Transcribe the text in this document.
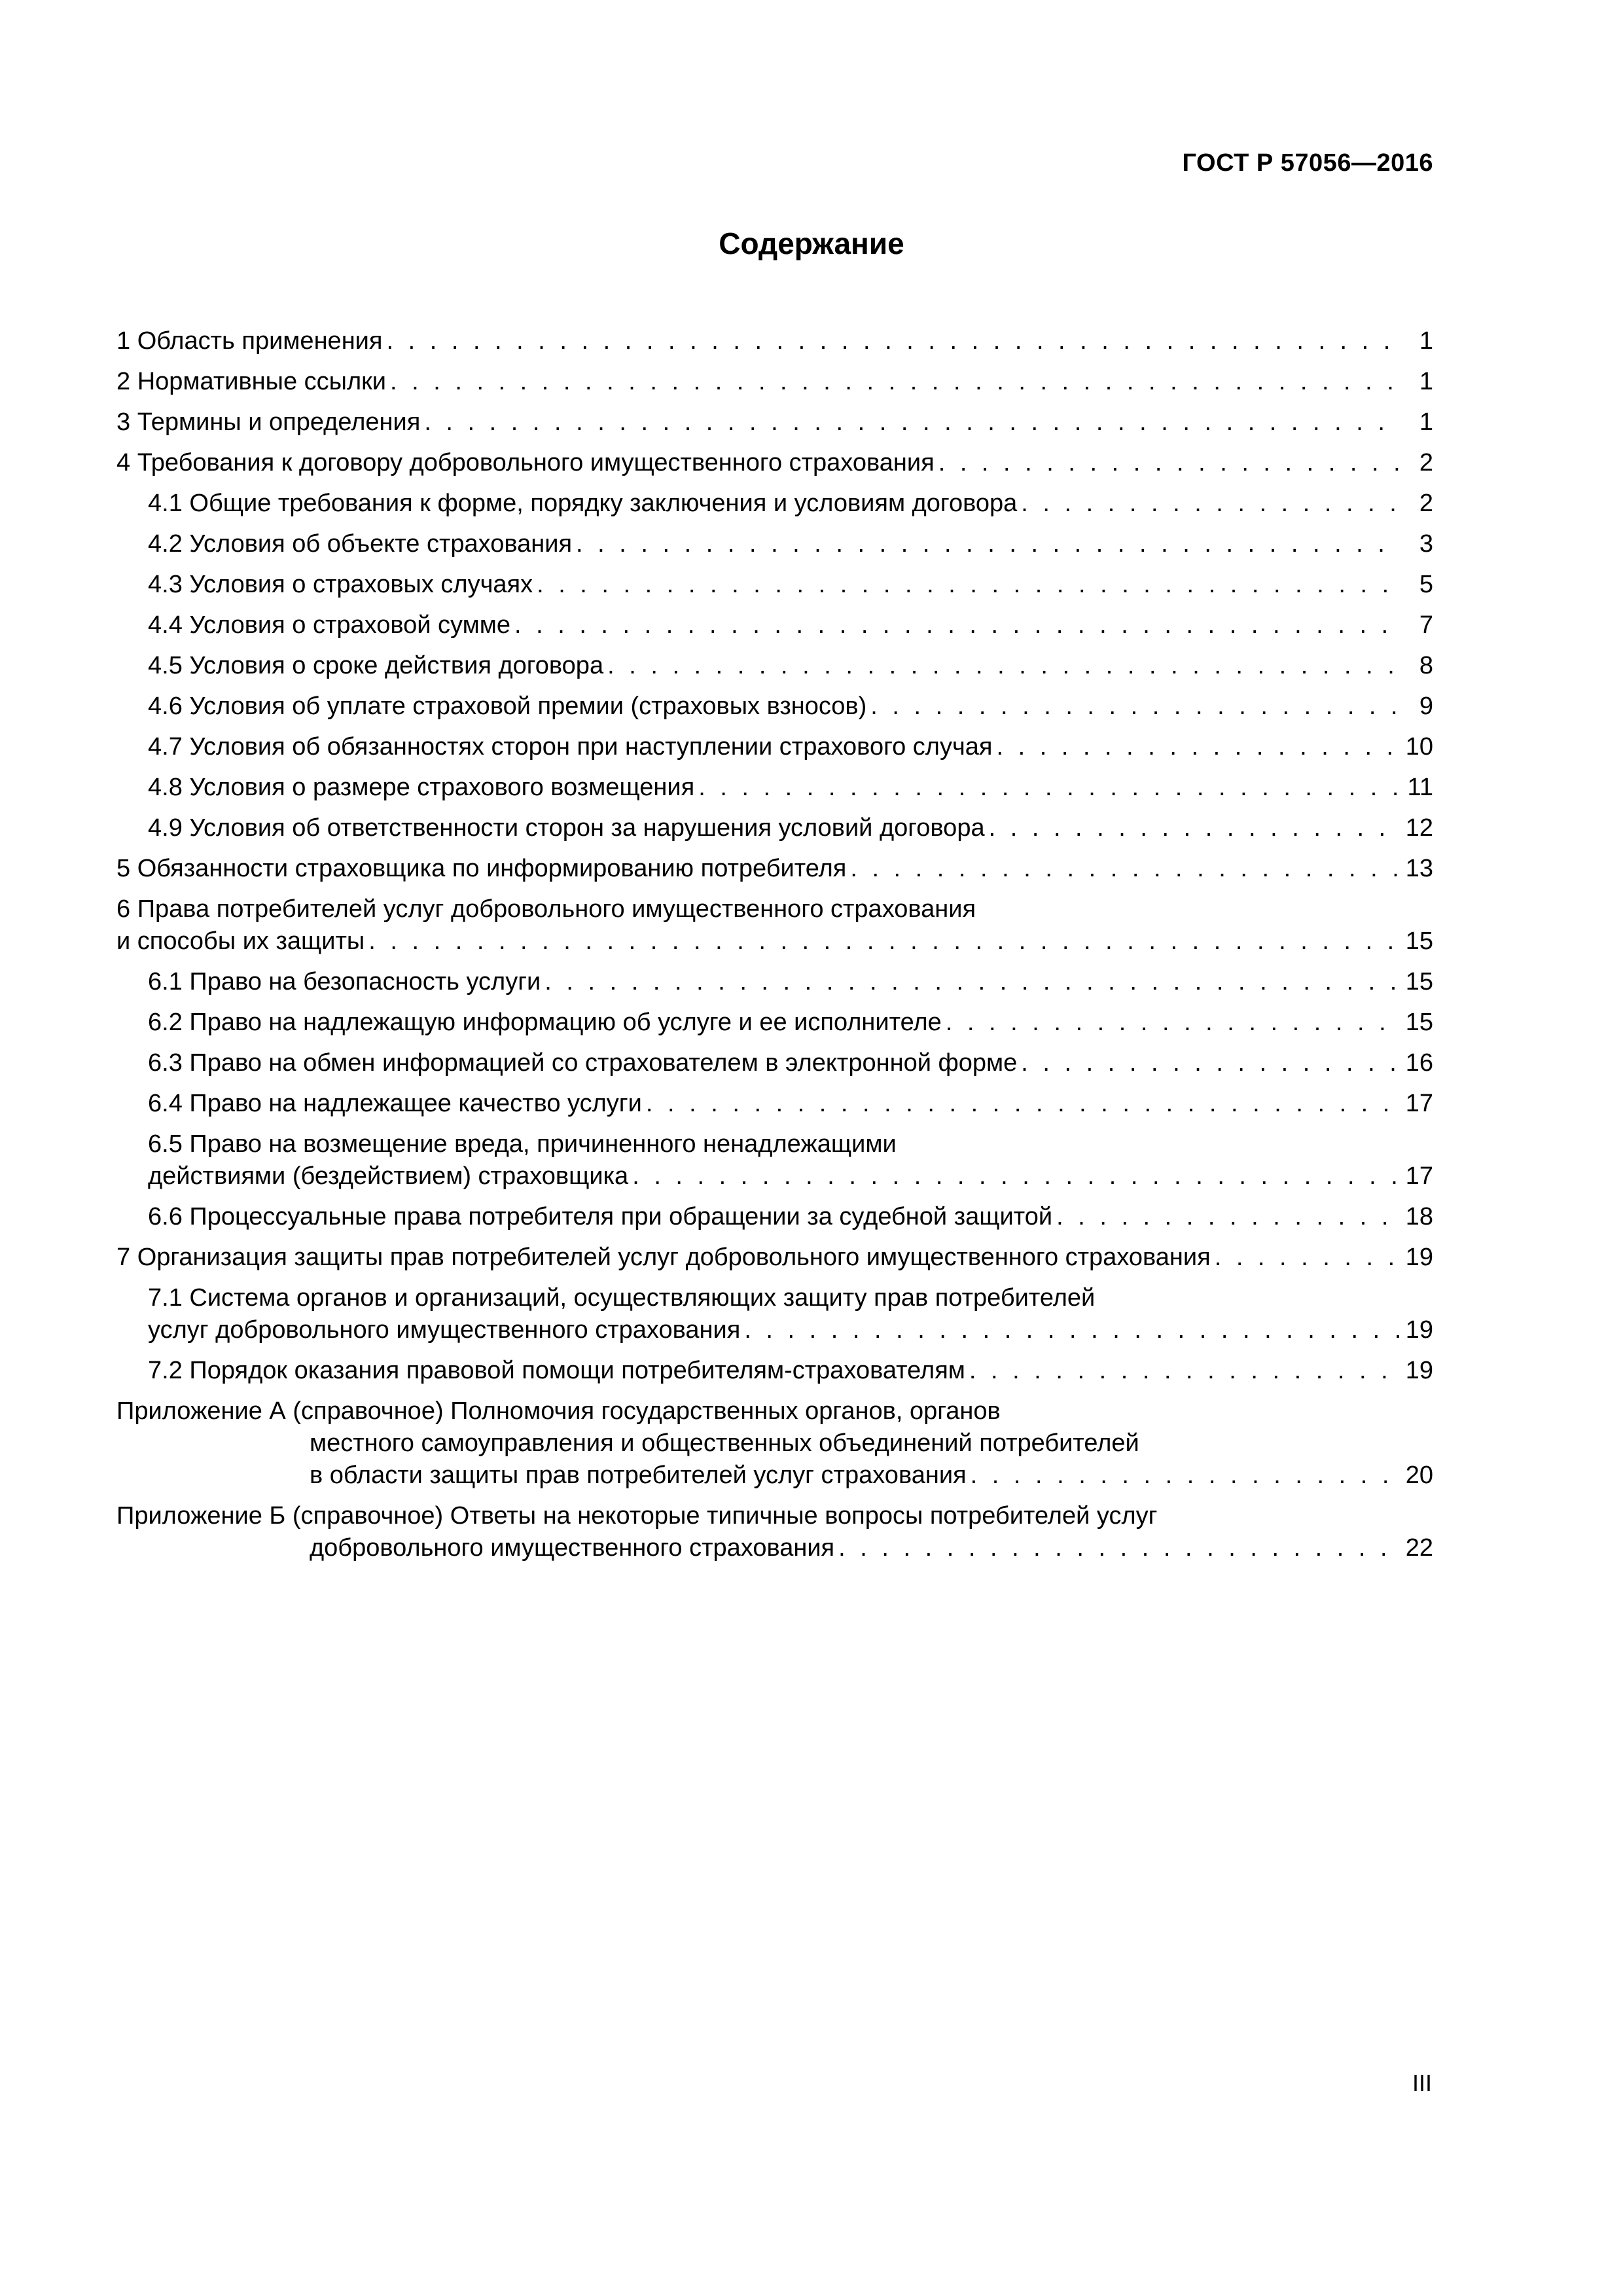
ГОСТ Р 57056—2016
Содержание
1 Область применения . . .	1
2 Нормативные ссылки . . .	1
3 Термины и определения . . .	1
4 Требования к договору добровольного имущественного страхования . . .	2
4.1 Общие требования к форме, порядку заключения и условиям договора . . .	2
4.2 Условия об объекте страхования . . .	3
4.3 Условия о страховых случаях . . .	5
4.4 Условия о страховой сумме . . .	7
4.5 Условия о сроке действия договора . . .	8
4.6 Условия об уплате страховой премии (страховых взносов) . . .	9
4.7 Условия об обязанностях сторон при наступлении страхового случая . . .	10
4.8 Условия о размере страхового возмещения . . .	11
4.9 Условия об ответственности сторон за нарушения условий договора . . .	12
5 Обязанности страховщика по информированию потребителя . . .	13
6 Права потребителей услуг добровольного имущественного страхования
и способы их защиты . . .	15
6.1 Право на безопасность услуги . . .	15
6.2 Право на надлежащую информацию об услуге и ее исполнителе . . .	15
6.3 Право на обмен информацией со страхователем в электронной форме . . .	16
6.4 Право на надлежащее качество услуги . . .	17
6.5 Право на возмещение вреда, причиненного ненадлежащими
действиями (бездействием) страховщика . . .	17
6.6 Процессуальные права потребителя при обращении за судебной защитой . . .	18
7 Организация защиты прав потребителей услуг добровольного имущественного страхования . . .	19
7.1 Система органов и организаций, осуществляющих защиту прав потребителей
услуг добровольного имущественного страхования . . .	19
7.2 Порядок оказания правовой помощи потребителям-страхователям . . .	19
Приложение А (справочное) Полномочия государственных органов, органов
местного самоуправления и общественных объединений потребителей
в области защиты прав потребителей услуг страхования . . .	20
Приложение Б (справочное) Ответы на некоторые типичные вопросы потребителей услуг
добровольного имущественного страхования . . .	22
III
